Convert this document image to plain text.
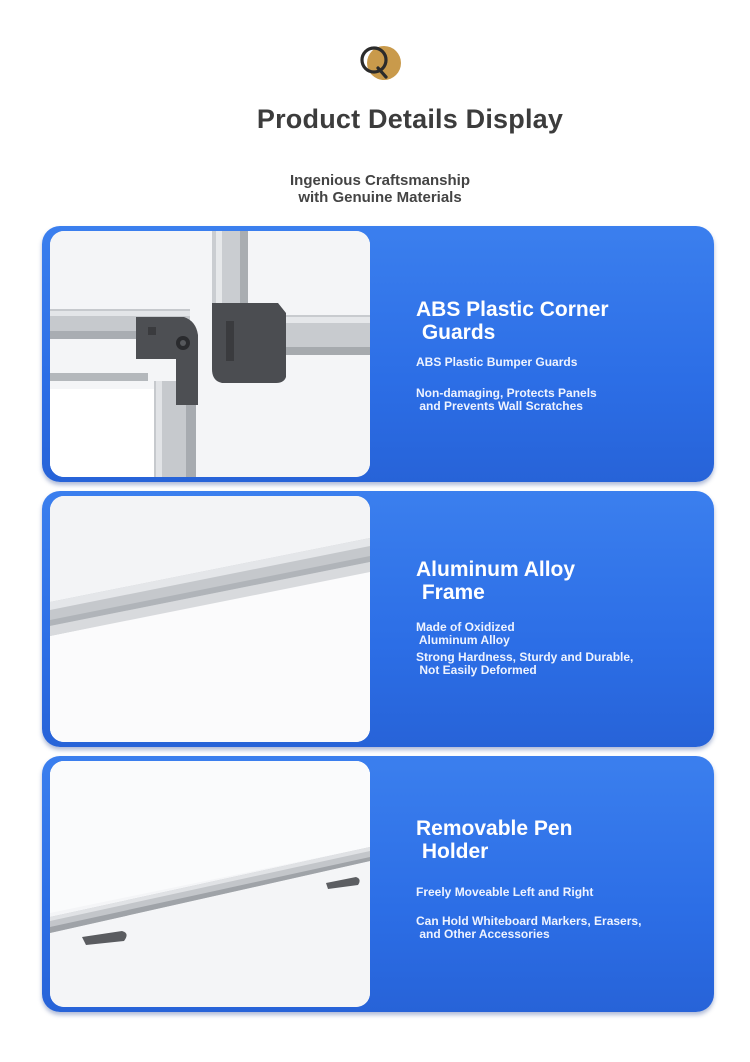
Product Details Display
Ingenious Craftsmanship
with Genuine Materials
ABS Plastic Corner
Guards
ABS Plastic Bumper Guards
Non-damaging, Protects Panels
and Prevents Wall Scratches
Aluminum Alloy
Frame
Made of Oxidized
Aluminum Alloy
Strong Hardness, Sturdy and Durable,
Not Easily Deformed
Removable Pen
Holder
Freely Moveable Left and Right
Can Hold Whiteboard Markers, Erasers,
and Other Accessories
